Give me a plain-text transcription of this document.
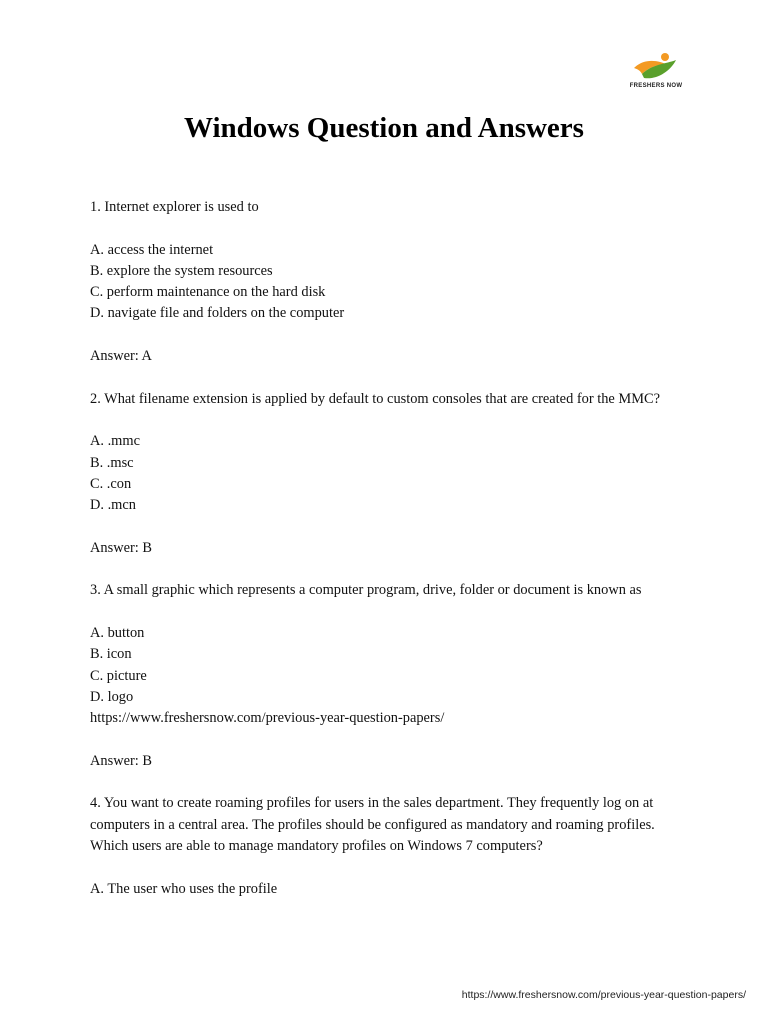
FRESHERS NOW
Windows Question and Answers
1. Internet explorer is used to
A. access the internet
B. explore the system resources
C. perform maintenance on the hard disk
D. navigate file and folders on the computer
Answer: A
2. What filename extension is applied by default to custom consoles that are created for the MMC?
A. .mmc
B. .msc
C. .con
D. .mcn
Answer: B
3. A small graphic which represents a computer program, drive, folder or document is known as
A. button
B. icon
C. picture
D. logo
https://www.freshersnow.com/previous-year-question-papers/
Answer: B
4. You want to create roaming profiles for users in the sales department. They frequently log on at computers in a central area. The profiles should be configured as mandatory and roaming profiles. Which users are able to manage mandatory profiles on Windows 7 computers?
A. The user who uses the profile
https://www.freshersnow.com/previous-year-question-papers/
